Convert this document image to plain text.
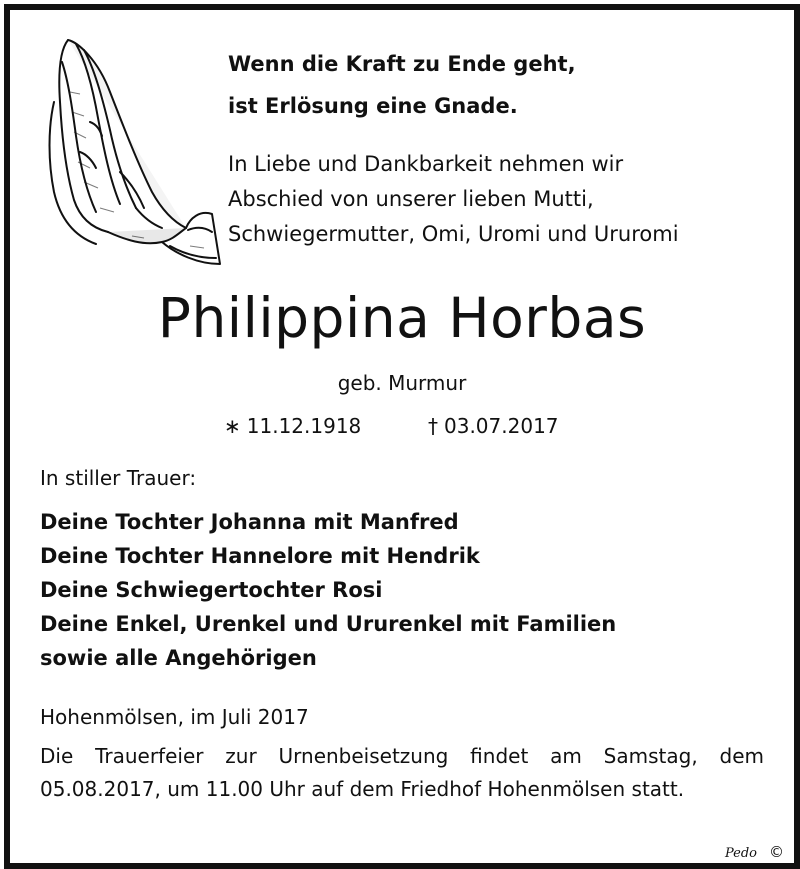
Wenn die Kraft zu Ende geht,
ist Erlösung eine Gnade.
In Liebe und Dankbarkeit nehmen wir
Abschied von unserer lieben Mutti,
Schwiegermutter, Omi, Uromi und Ururomi
Philippina Horbas
geb. Murmur
∗ 11.12.1918	† 03.07.2017
In stiller Trauer:
Deine Tochter Johanna mit Manfred
Deine Tochter Hannelore mit Hendrik
Deine Schwiegertochter Rosi
Deine Enkel, Urenkel und Ururenkel mit Familien
sowie alle Angehörigen
Hohenmölsen, im Juli 2017
Die Trauerfeier zur Urnenbeisetzung findet am Samstag, dem 05.08.2017, um 11.00 Uhr auf dem Friedhof Hohenmölsen statt.
Pedo ©
